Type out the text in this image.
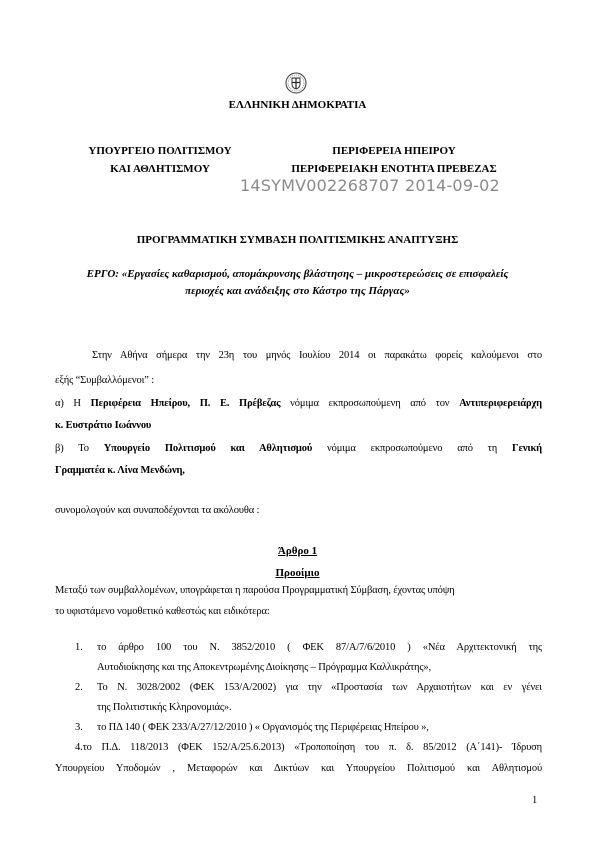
ΕΛΛΗΝΙΚΗ ΔΗΜΟΚΡΑΤΙΑ
ΥΠΟΥΡΓΕΙΟ ΠΟΛΙΤΙΣΜΟΥ
ΚΑΙ ΑΘΛΗΤΙΣΜΟΥ
ΠΕΡΙΦΕΡΕΙΑ ΗΠΕΙΡΟΥ
ΠΕΡΙΦΕΡΕΙΑΚΗ ΕΝΟΤΗΤΑ ΠΡΕΒΕΖΑΣ
14SYMV002268707 2014-09-02
ΠΡΟΓΡΑΜΜΑΤΙΚΗ ΣΥΜΒΑΣΗ ΠΟΛΙΤΙΣΜΙΚΗΣ ΑΝΑΠΤΥΞΗΣ
ΕΡΓΟ: «Εργασίες καθαρισμού, απομάκρυνσης βλάστησης – μικροστερεώσεις σε επισφαλείς
περιοχές και ανάδειξης στο Κάστρο της Πάργας»
Στην Αθήνα σήμερα την 23η του μηνός Ιουλίου 2014 οι παρακάτω φορείς καλούμενοι στο
εξής “Συμβαλλόμενοι” :
α) Η Περιφέρεια Ηπείρου, Π. Ε. Πρέβεζας νόμιμα εκπροσωπούμενη από τον Αντιπεριφερειάρχη
κ. Ευστράτιο Ιωάννου
β) Το Υπουργείο Πολιτισμού και Αθλητισμού νόμιμα εκπροσωπούμενο από τη Γενική
Γραμματέα κ. Λίνα Μενδώνη,
συνομολογούν και συναποδέχονται τα ακόλουθα :
Άρθρο 1
Προοίμιο
Μεταξύ των συμβαλλομένων, υπογράφεται η παρούσα Προγραμματική Σύμβαση, έχοντας υπόψη
το υφιστάμενο νομοθετικό καθεστώς και ειδικότερα:
1. το άρθρο 100 του Ν. 3852/2010 ( ΦΕΚ 87/Α/7/6/2010 ) «Νέα Αρχιτεκτονική της
Αυτοδιοίκησης και της Αποκεντρωμένης Διοίκησης – Πρόγραμμα Καλλικράτης»,
2. Το Ν. 3028/2002 (ΦΕΚ 153/Α/2002) για την «Προστασία των Αρχαιοτήτων και εν γένει
της Πολιτιστικής Κληρονομιάς».
3. το ΠΔ 140 ( ΦΕΚ 233/Α/27/12/2010 ) « Οργανισμός της Περιφέρειας Ηπείρου »,
4.το Π.Δ. 118/2013 (ΦΕΚ 152/Α/25.6.2013) «Τροποποίηση του π. δ. 85/2012 (Α΄141)- Ίδρυση
Υπουργείου Υποδομών , Μεταφορών και Δικτύων και Υπουργείου Πολιτισμού και Αθλητισμού
1
